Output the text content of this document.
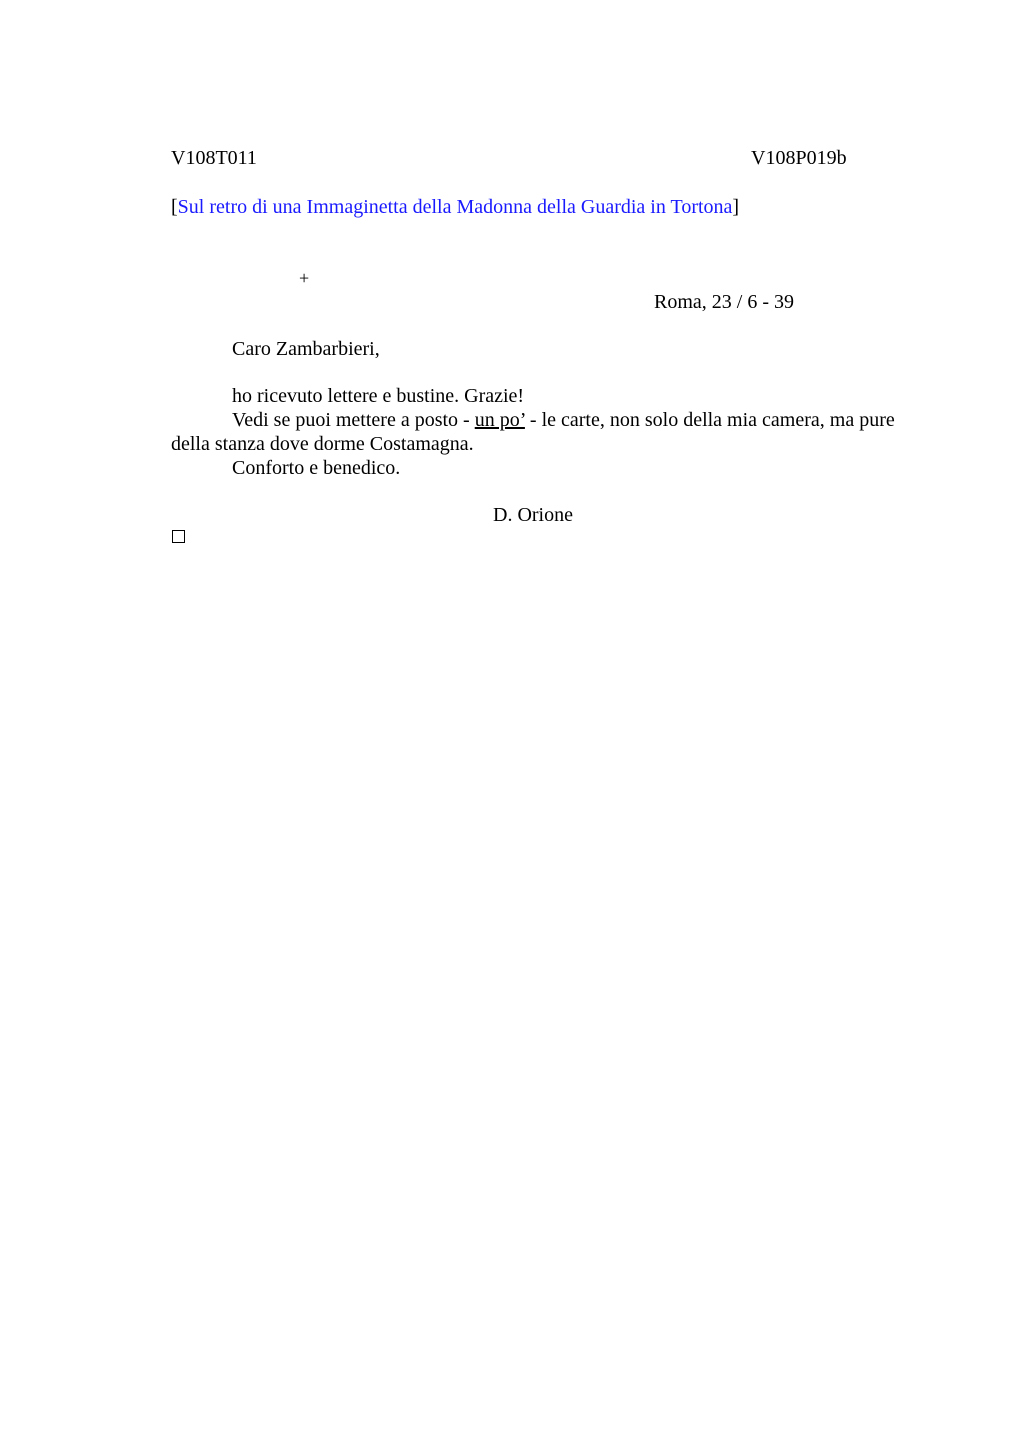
V108T011	V108P019b
[Sul retro di una Immaginetta della Madonna della Guardia in Tortona]
+
Roma, 23 / 6 - 39
Caro Zambarbieri,
ho ricevuto lettere e bustine. Grazie!
Vedi se puoi mettere a posto - un po’ - le carte, non solo della mia camera, ma pure
della stanza dove dorme Costamagna.
Conforto e benedico.
D. Orione
